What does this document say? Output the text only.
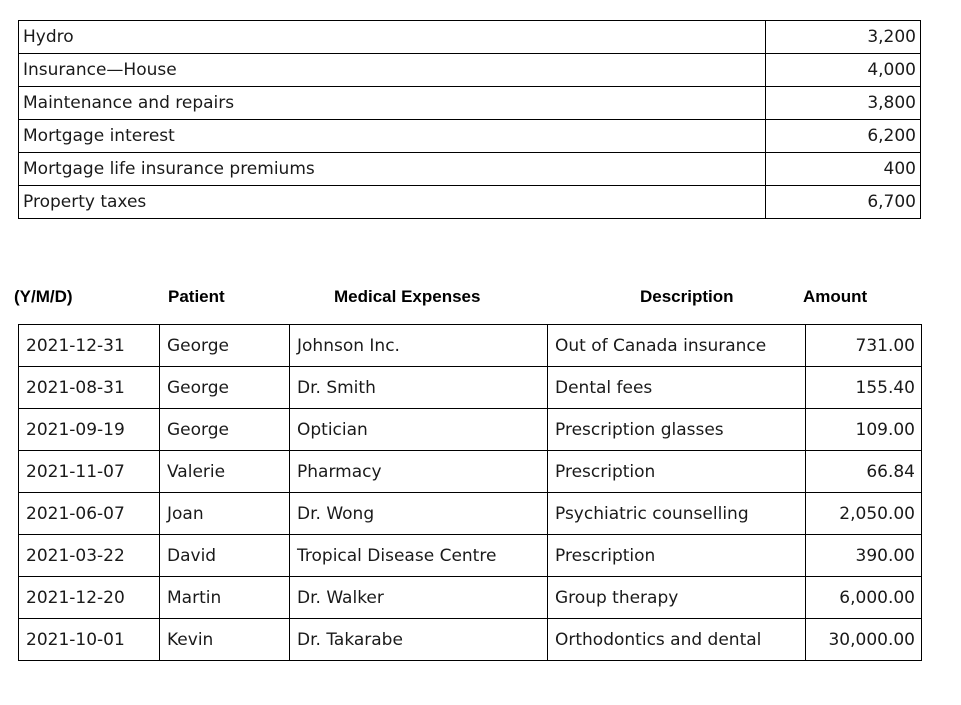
Hydro	3,200
Insurance—House	4,000
Maintenance and repairs	3,800
Mortgage interest	6,200
Mortgage life insurance premiums	400
Property taxes	6,700
(Y/M/D)	Patient	Medical Expenses	Description	Amount
2021-12-31	George	Johnson Inc.	Out of Canada insurance	731.00
2021-08-31	George	Dr. Smith	Dental fees	155.40
2021-09-19	George	Optician	Prescription glasses	109.00
2021-11-07	Valerie	Pharmacy	Prescription	66.84
2021-06-07	Joan	Dr. Wong	Psychiatric counselling	2,050.00
2021-03-22	David	Tropical Disease Centre	Prescription	390.00
2021-12-20	Martin	Dr. Walker	Group therapy	6,000.00
2021-10-01	Kevin	Dr. Takarabe	Orthodontics and dental	30,000.00
